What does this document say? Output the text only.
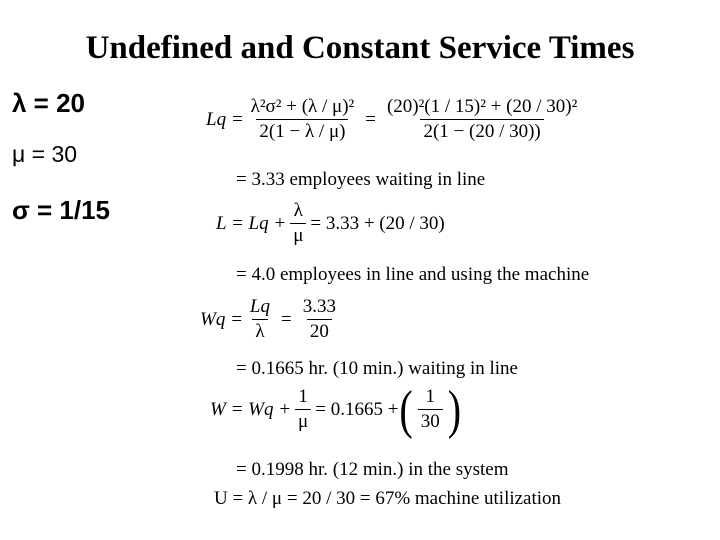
Undefined and Constant Service Times
λ = 20
μ = 30
σ = 1/15
$Lq = \frac{\text{λ²σ² + (λ / μ)²}}{2(1 - \lambda / \mu)} = \frac{\text{(20)²(1 / 15)² + (20 / 30)²}}{2(1 - (20 / 30))}$
= 3.33 employees waiting in line
$L = Lq + \frac{\lambda}{\mu} = 3.33 + (20 / 30)$
= 4.0 employees in line and using the machine
$Wq = \frac{Lq}{\lambda} = \frac{3.33}{20}$
= 0.1665 hr. (10 min.) waiting in line
$W = Wq + \frac{1}{\mu} = 0.1665$ + ( $\frac{1}{30}$ )
= 0.1998 hr. (12 min.) in the system
U = λ / μ = 20 / 30 = 67% machine utilization
